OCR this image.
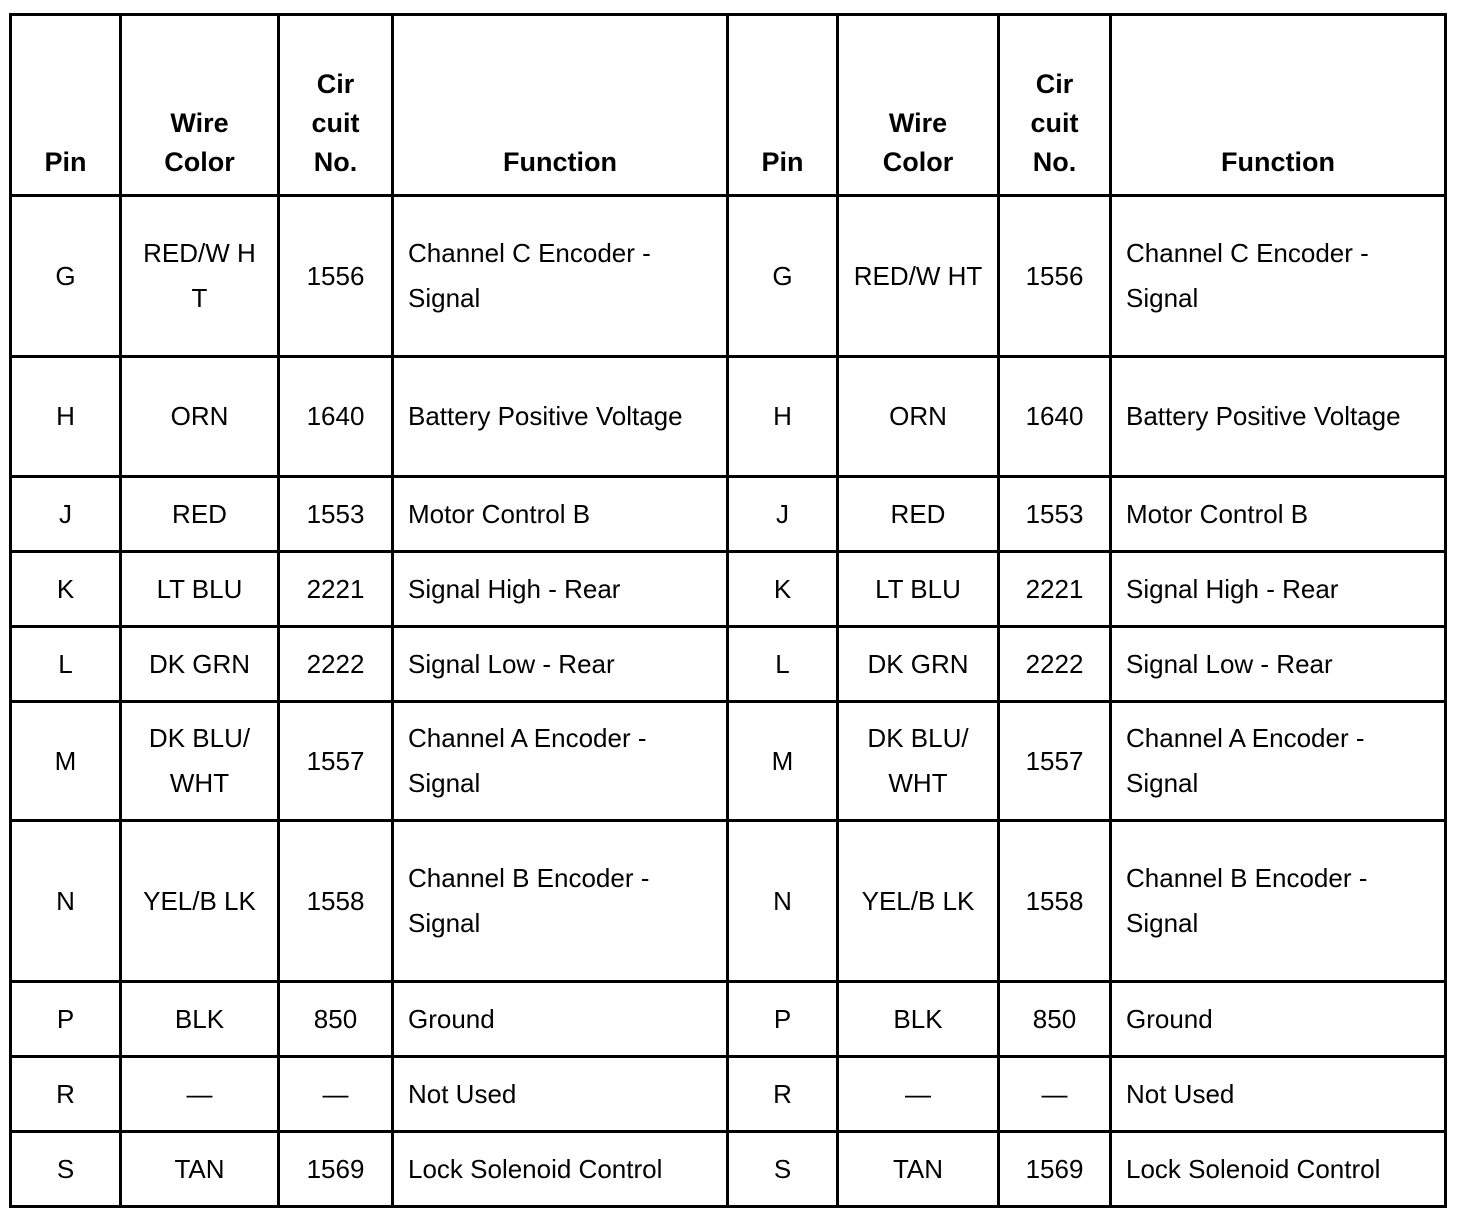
Pin	Wire Color	Cir cuit No.	Function	Pin	Wire Color	Cir cuit No.	Function
G	RED/W HT	1556	Channel C Encoder - Signal	G	RED/W HT	1556	Channel C Encoder - Signal
H	ORN	1640	Battery Positive Voltage	H	ORN	1640	Battery Positive Voltage
J	RED	1553	Motor Control B	J	RED	1553	Motor Control B
K	LT BLU	2221	Signal High - Rear	K	LT BLU	2221	Signal High - Rear
L	DK GRN	2222	Signal Low - Rear	L	DK GRN	2222	Signal Low - Rear
M	DK BLU/ WHT	1557	Channel A Encoder - Signal	M	DK BLU/ WHT	1557	Channel A Encoder - Signal
N	YEL/B LK	1558	Channel B Encoder - Signal	N	YEL/B LK	1558	Channel B Encoder - Signal
P	BLK	850	Ground	P	BLK	850	Ground
R	—	—	Not Used	R	—	—	Not Used
S	TAN	1569	Lock Solenoid Control	S	TAN	1569	Lock Solenoid Control
